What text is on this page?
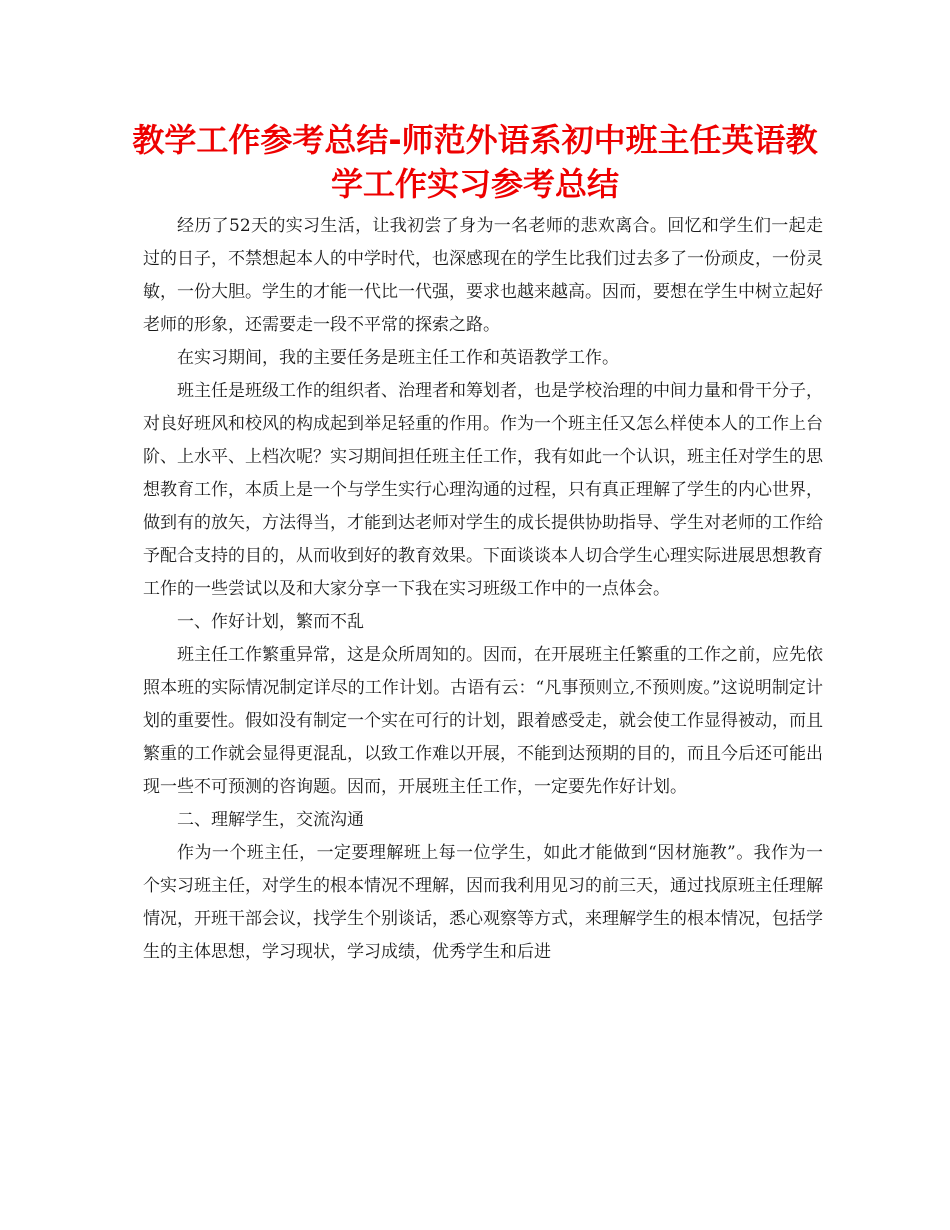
教学工作参考总结-师范外语系初中班主任英语教学工作实习参考总结

经历了52天的实习生活，让我初尝了身为一名老师的悲欢离合。回忆和学生们一起走过的日子，不禁想起本人的中学时代，也深感现在的学生比我们过去多了一份顽皮，一份灵敏，一份大胆。学生的才能一代比一代强，要求也越来越高。因而，要想在学生中树立起好老师的形象，还需要走一段不平常的探索之路。

在实习期间，我的主要任务是班主任工作和英语教学工作。

班主任是班级工作的组织者、治理者和筹划者，也是学校治理的中间力量和骨干分子，对良好班风和校风的构成起到举足轻重的作用。作为一个班主任又怎么样使本人的工作上台阶、上水平、上档次呢？实习期间担任班主任工作，我有如此一个认识，班主任对学生的思想教育工作，本质上是一个与学生实行心理沟通的过程，只有真正理解了学生的内心世界，做到有的放矢，方法得当，才能到达老师对学生的成长提供协助指导、学生对老师的工作给予配合支持的目的，从而收到好的教育效果。下面谈谈本人切合学生心理实际进展思想教育工作的一些尝试以及和大家分享一下我在实习班级工作中的一点体会。

一、作好计划，繁而不乱

班主任工作繁重异常，这是众所周知的。因而，在开展班主任繁重的工作之前，应先依照本班的实际情况制定详尽的工作计划。古语有云：“凡事预则立,不预则废。”这说明制定计划的重要性。假如没有制定一个实在可行的计划，跟着感受走，就会使工作显得被动，而且繁重的工作就会显得更混乱，以致工作难以开展，不能到达预期的目的，而且今后还可能出现一些不可预测的咨询题。因而，开展班主任工作，一定要先作好计划。

二、理解学生，交流沟通

作为一个班主任，一定要理解班上每一位学生，如此才能做到“因材施教”。我作为一个实习班主任，对学生的根本情况不理解，因而我利用见习的前三天，通过找原班主任理解情况，开班干部会议，找学生个别谈话，悉心观察等方式，来理解学生的根本情况，包括学生的主体思想，学习现状，学习成绩，优秀学生和后进
